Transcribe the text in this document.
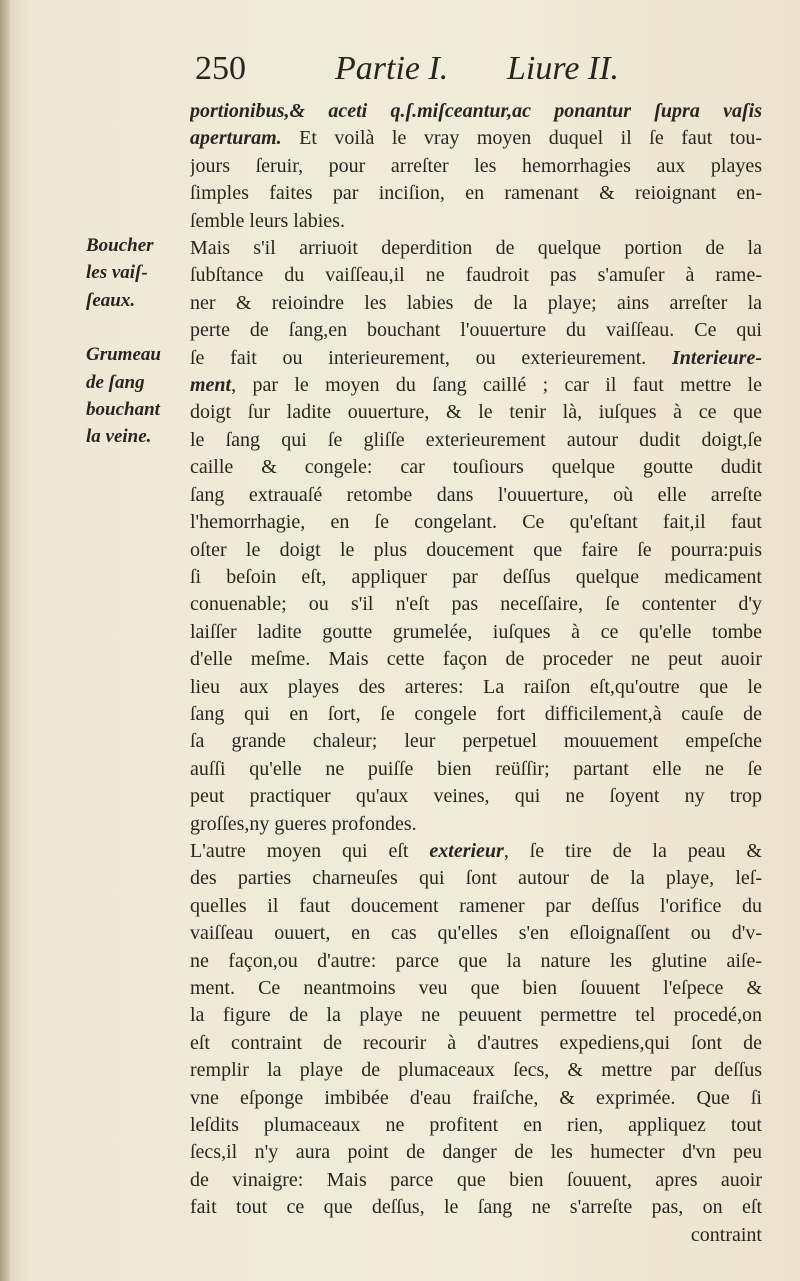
250	Partie I. Liure II.
Boucher
les vaiſ-
ſeaux.
Grumeau
de ſang
bouchant
la veine.
portionibus,& aceti q.ſ.miſceantur,ac ponantur ſupra vaſis
aperturam. Et voilà le vray moyen duquel il ſe faut tou-
jours ſeruir, pour arreſter les hemorrhagies aux playes
ſimples faites par inciſion, en ramenant & reioignant en-
ſemble leurs labies.
Mais s'il arriuoit deperdition de quelque portion de la
ſubſtance du vaiſſeau,il ne faudroit pas s'amuſer à rame-
ner & reioindre les labies de la playe; ains arreſter la
perte de ſang,en bouchant l'ouuerture du vaiſſeau. Ce qui
ſe fait ou interieurement, ou exterieurement. Interieure-
ment, par le moyen du ſang caillé ; car il faut mettre le
doigt ſur ladite ouuerture, & le tenir là, iuſques à ce que
le ſang qui ſe gliſſe exterieurement autour dudit doigt,ſe
caille & congele: car touſiours quelque goutte dudit
ſang extrauaſé retombe dans l'ouuerture, où elle arreſte
l'hemorrhagie, en ſe congelant. Ce qu'eſtant fait,il faut
oſter le doigt le plus doucement que faire ſe pourra:puis
ſi beſoin eſt, appliquer par deſſus quelque medicament
conuenable; ou s'il n'eſt pas neceſſaire, ſe contenter d'y
laiſſer ladite goutte grumelée, iuſques à ce qu'elle tombe
d'elle meſme. Mais cette façon de proceder ne peut auoir
lieu aux playes des arteres: La raiſon eſt,qu'outre que le
ſang qui en ſort, ſe congele fort difficilement,à cauſe de
ſa grande chaleur; leur perpetuel mouuement empeſche
auſſi qu'elle ne puiſſe bien reüſſir; partant elle ne ſe
peut practiquer qu'aux veines, qui ne ſoyent ny trop
groſſes,ny gueres profondes.
L'autre moyen qui eſt exterieur, ſe tire de la peau &
des parties charneuſes qui ſont autour de la playe, leſ-
quelles il faut doucement ramener par deſſus l'orifice du
vaiſſeau ouuert, en cas qu'elles s'en eſloignaſſent ou d'v-
ne façon,ou d'autre: parce que la nature les glutine aiſe-
ment. Ce neantmoins veu que bien ſouuent l'eſpece &
la figure de la playe ne peuuent permettre tel procedé,on
eſt contraint de recourir à d'autres expediens,qui ſont de
remplir la playe de plumaceaux ſecs, & mettre par deſſus
vne eſponge imbibée d'eau fraiſche, & exprimée. Que ſi
leſdits plumaceaux ne profitent en rien, appliquez tout
ſecs,il n'y aura point de danger de les humecter d'vn peu
de vinaigre: Mais parce que bien ſouuent, apres auoir
fait tout ce que deſſus, le ſang ne s'arreſte pas, on eſt
contraint
